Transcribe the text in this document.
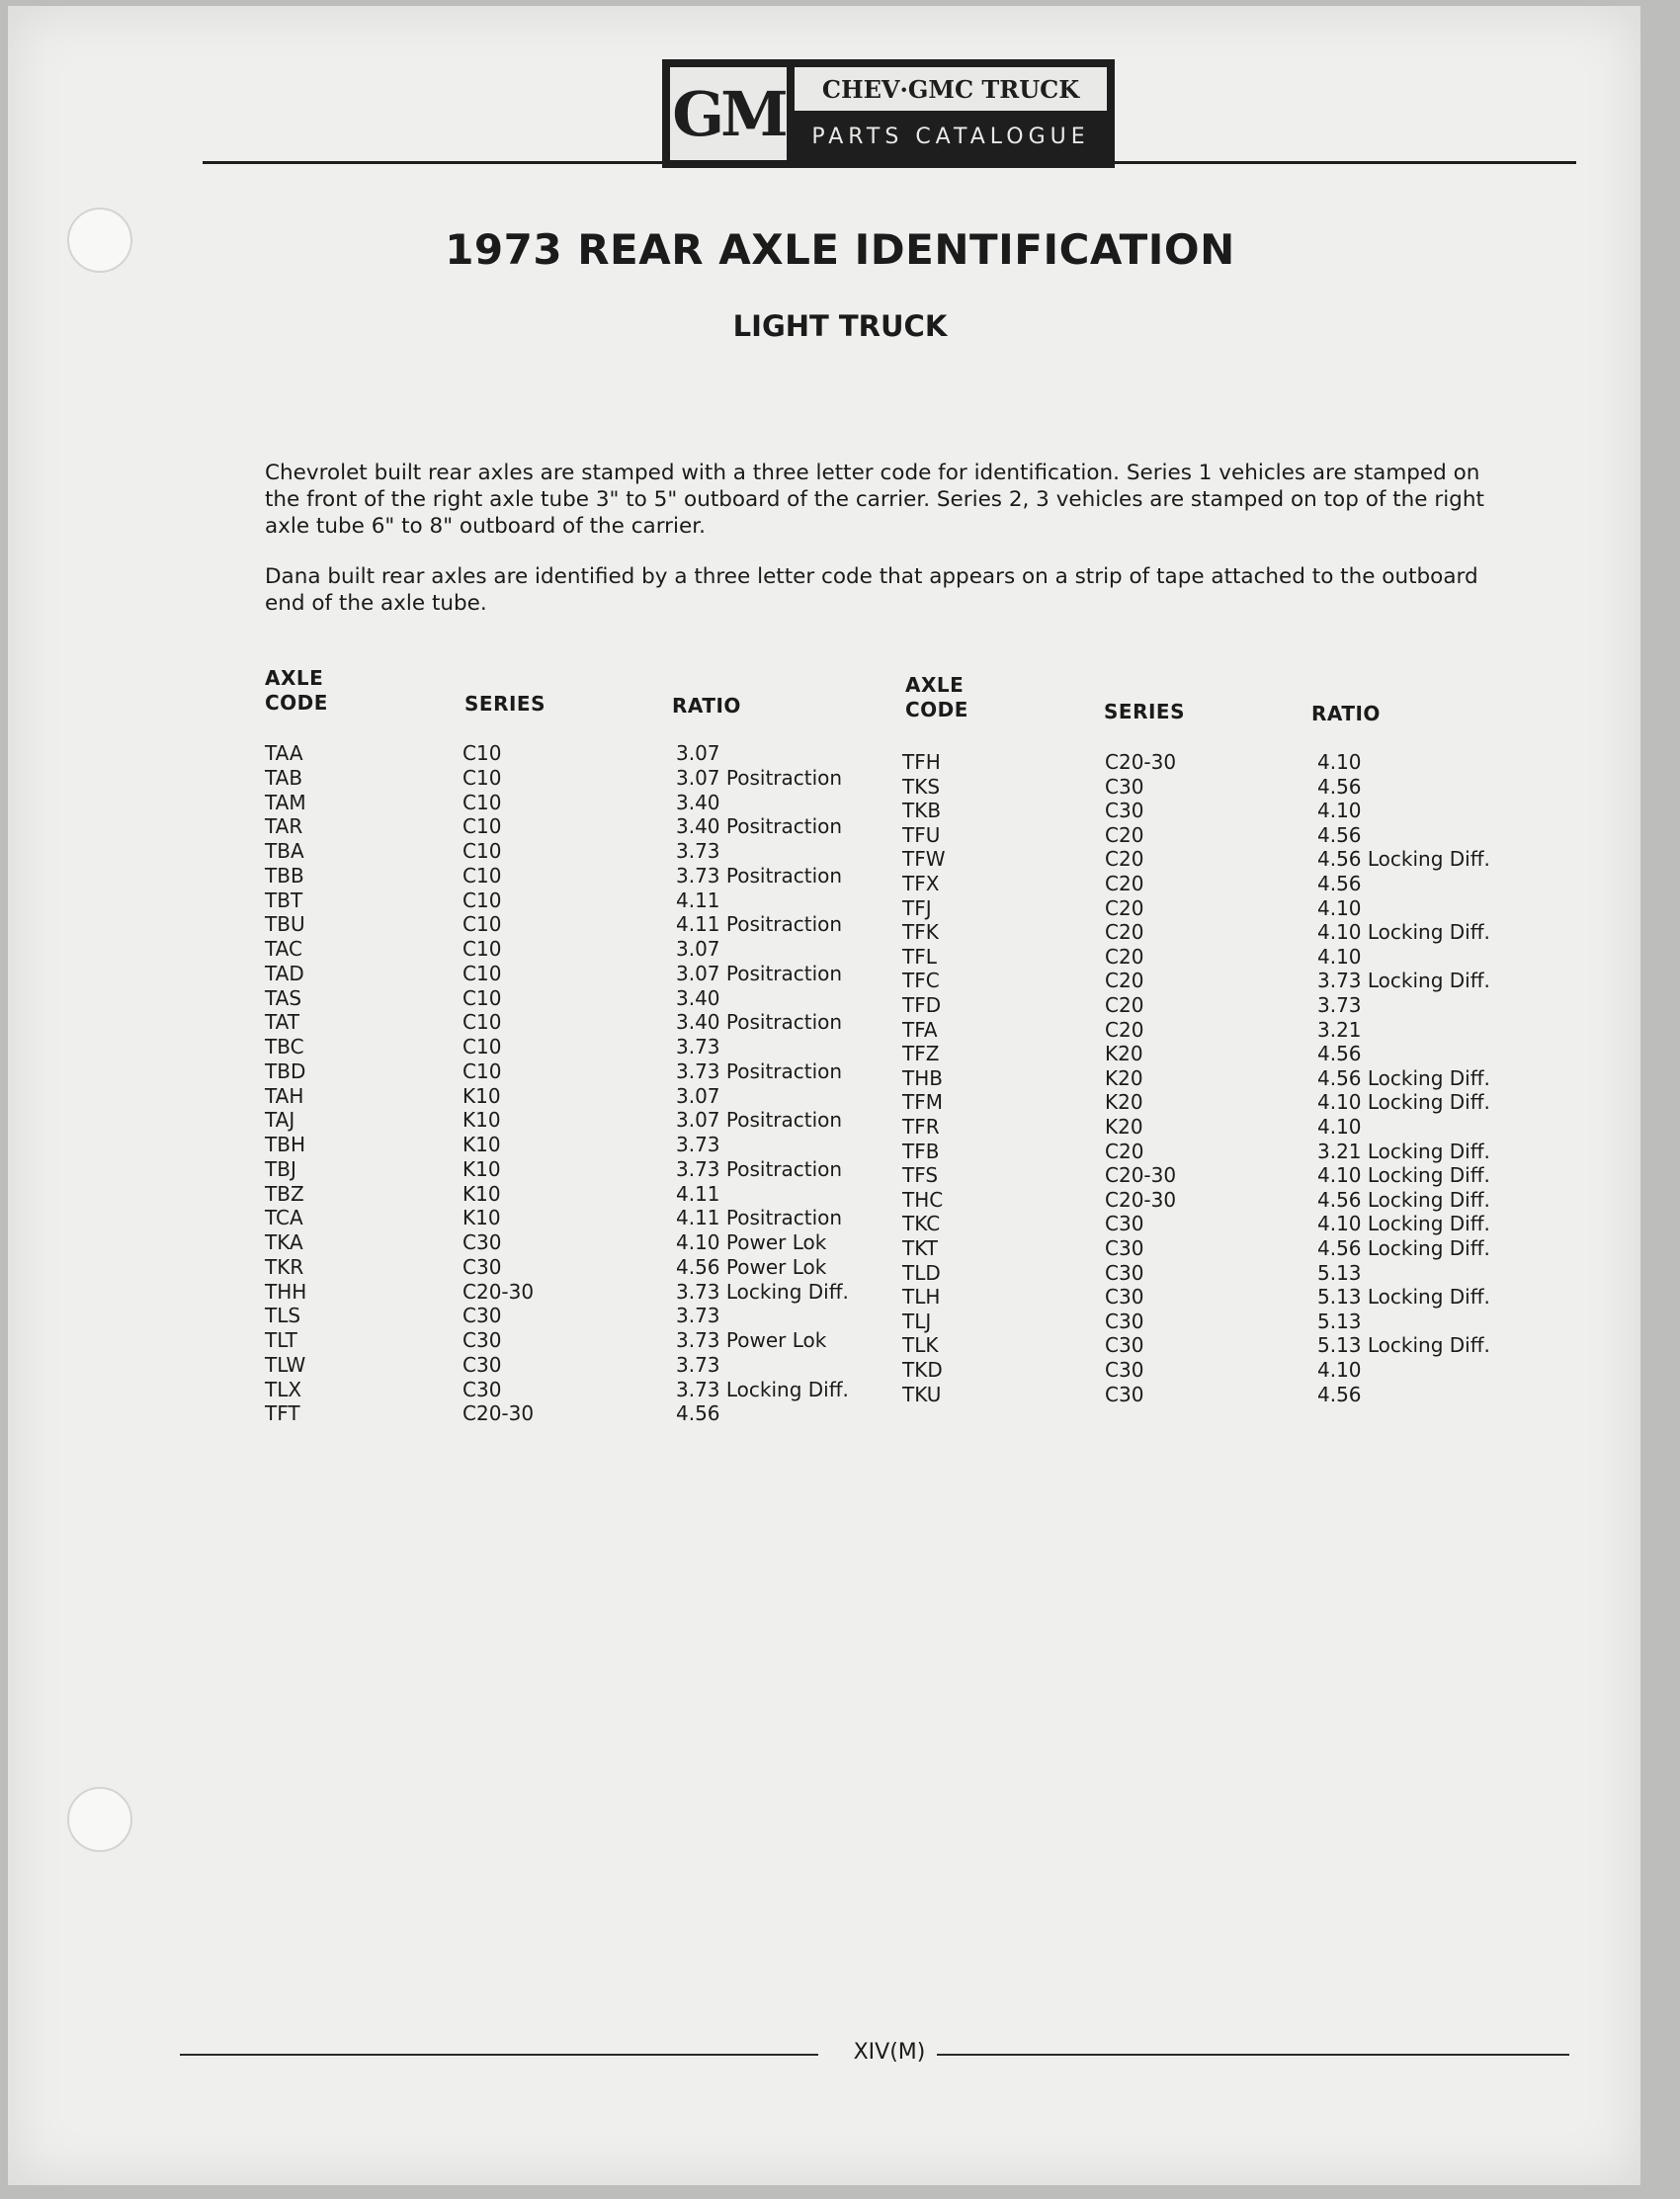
GM	CHEV·GMC TRUCK
PARTS CATALOGUE
1973 REAR AXLE IDENTIFICATION
LIGHT TRUCK
Chevrolet built rear axles are stamped with a three letter code for identification. Series 1 vehicles are stamped on the front of the right axle tube 3" to 5" outboard of the carrier. Series 2, 3 vehicles are stamped on top of the right axle tube 6" to 8" outboard of the carrier.
Dana built rear axles are identified by a three letter code that appears on a strip of tape attached to the outboard end of the axle tube.
AXLE
CODE	SERIES	RATIO
AXLE
CODE	SERIES	RATIO
TAA	C10	3.07
TAB	C10	3.07 Positraction
TAM	C10	3.40
TAR	C10	3.40 Positraction
TBA	C10	3.73
TBB	C10	3.73 Positraction
TBT	C10	4.11
TBU	C10	4.11 Positraction
TAC	C10	3.07
TAD	C10	3.07 Positraction
TAS	C10	3.40
TAT	C10	3.40 Positraction
TBC	C10	3.73
TBD	C10	3.73 Positraction
TAH	K10	3.07
TAJ	K10	3.07 Positraction
TBH	K10	3.73
TBJ	K10	3.73 Positraction
TBZ	K10	4.11
TCA	K10	4.11 Positraction
TKA	C30	4.10 Power Lok
TKR	C30	4.56 Power Lok
THH	C20-30	3.73 Locking Diff.
TLS	C30	3.73
TLT	C30	3.73 Power Lok
TLW	C30	3.73
TLX	C30	3.73 Locking Diff.
TFT	C20-30	4.56
TFH	C20-30	4.10
TKS	C30	4.56
TKB	C30	4.10
TFU	C20	4.56
TFW	C20	4.56 Locking Diff.
TFX	C20	4.56
TFJ	C20	4.10
TFK	C20	4.10 Locking Diff.
TFL	C20	4.10
TFC	C20	3.73 Locking Diff.
TFD	C20	3.73
TFA	C20	3.21
TFZ	K20	4.56
THB	K20	4.56 Locking Diff.
TFM	K20	4.10 Locking Diff.
TFR	K20	4.10
TFB	C20	3.21 Locking Diff.
TFS	C20-30	4.10 Locking Diff.
THC	C20-30	4.56 Locking Diff.
TKC	C30	4.10 Locking Diff.
TKT	C30	4.56 Locking Diff.
TLD	C30	5.13
TLH	C30	5.13 Locking Diff.
TLJ	C30	5.13
TLK	C30	5.13 Locking Diff.
TKD	C30	4.10
TKU	C30	4.56
XIV(M)
